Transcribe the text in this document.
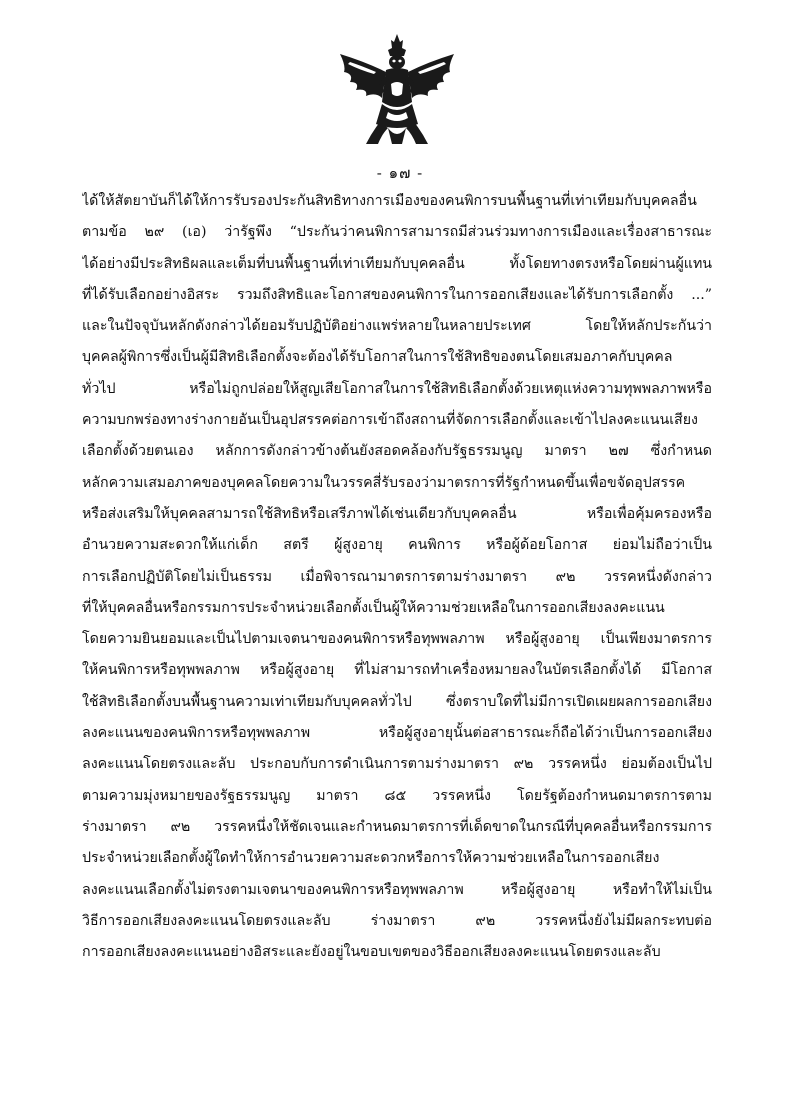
- ๑๗ -
ได้ให้สัตยาบันก็ได้ให้การรับรองประกันสิทธิทางการเมืองของคนพิการบนพื้นฐานที่เท่าเทียมกับบุคคลอื่น
ตามข้อ ๒๙ (เอ) ว่ารัฐพึง “ประกันว่าคนพิการสามารถมีส่วนร่วมทางการเมืองและเรื่องสาธารณะ
ได้อย่างมีประสิทธิผลและเต็มที่บนพื้นฐานที่เท่าเทียมกับบุคคลอื่น ทั้งโดยทางตรงหรือโดยผ่านผู้แทน
ที่ได้รับเลือกอย่างอิสระ รวมถึงสิทธิและโอกาสของคนพิการในการออกเสียงและได้รับการเลือกตั้ง ...”
และในปัจจุบันหลักดังกล่าวได้ยอมรับปฏิบัติอย่างแพร่หลายในหลายประเทศ โดยให้หลักประกันว่า
บุคคลผู้พิการซึ่งเป็นผู้มีสิทธิเลือกตั้งจะต้องได้รับโอกาสในการใช้สิทธิของตนโดยเสมอภาคกับบุคคล
ทั่วไป หรือไม่ถูกปล่อยให้สูญเสียโอกาสในการใช้สิทธิเลือกตั้งด้วยเหตุแห่งความทุพพลภาพหรือ
ความบกพร่องทางร่างกายอันเป็นอุปสรรคต่อการเข้าถึงสถานที่จัดการเลือกตั้งและเข้าไปลงคะแนนเสียง
เลือกตั้งด้วยตนเอง หลักการดังกล่าวข้างต้นยังสอดคล้องกับรัฐธรรมนูญ มาตรา ๒๗ ซึ่งกำหนด
หลักความเสมอภาคของบุคคลโดยความในวรรคสี่รับรองว่ามาตรการที่รัฐกำหนดขึ้นเพื่อขจัดอุปสรรค
หรือส่งเสริมให้บุคคลสามารถใช้สิทธิหรือเสรีภาพได้เช่นเดียวกับบุคคลอื่น หรือเพื่อคุ้มครองหรือ
อำนวยความสะดวกให้แก่เด็ก สตรี ผู้สูงอายุ คนพิการ หรือผู้ด้อยโอกาส ย่อมไม่ถือว่าเป็น
การเลือกปฏิบัติโดยไม่เป็นธรรม เมื่อพิจารณามาตรการตามร่างมาตรา ๙๒ วรรคหนึ่งดังกล่าว
ที่ให้บุคคลอื่นหรือกรรมการประจำหน่วยเลือกตั้งเป็นผู้ให้ความช่วยเหลือในการออกเสียงลงคะแนน
โดยความยินยอมและเป็นไปตามเจตนาของคนพิการหรือทุพพลภาพ หรือผู้สูงอายุ เป็นเพียงมาตรการ
ให้คนพิการหรือทุพพลภาพ หรือผู้สูงอายุ ที่ไม่สามารถทำเครื่องหมายลงในบัตรเลือกตั้งได้ มีโอกาส
ใช้สิทธิเลือกตั้งบนพื้นฐานความเท่าเทียมกับบุคคลทั่วไป ซึ่งตราบใดที่ไม่มีการเปิดเผยผลการออกเสียง
ลงคะแนนของคนพิการหรือทุพพลภาพ หรือผู้สูงอายุนั้นต่อสาธารณะก็ถือได้ว่าเป็นการออกเสียง
ลงคะแนนโดยตรงและลับ ประกอบกับการดำเนินการตามร่างมาตรา ๙๒ วรรคหนึ่ง ย่อมต้องเป็นไป
ตามความมุ่งหมายของรัฐธรรมนูญ มาตรา ๘๕ วรรคหนึ่ง โดยรัฐต้องกำหนดมาตรการตาม
ร่างมาตรา ๙๒ วรรคหนึ่งให้ชัดเจนและกำหนดมาตรการที่เด็ดขาดในกรณีที่บุคคลอื่นหรือกรรมการ
ประจำหน่วยเลือกตั้งผู้ใดทำให้การอำนวยความสะดวกหรือการให้ความช่วยเหลือในการออกเสียง
ลงคะแนนเลือกตั้งไม่ตรงตามเจตนาของคนพิการหรือทุพพลภาพ หรือผู้สูงอายุ หรือทำให้ไม่เป็น
วิธีการออกเสียงลงคะแนนโดยตรงและลับ ร่างมาตรา ๙๒ วรรคหนึ่งยังไม่มีผลกระทบต่อ
การออกเสียงลงคะแนนอย่างอิสระและยังอยู่ในขอบเขตของวิธีออกเสียงลงคะแนนโดยตรงและลับ
